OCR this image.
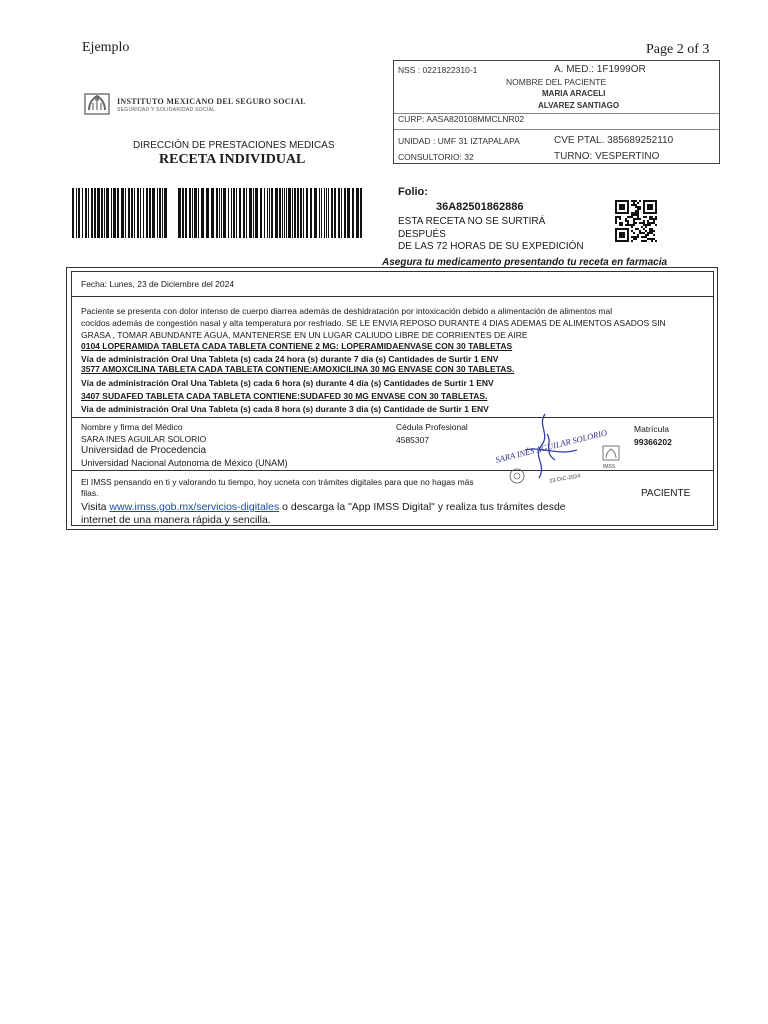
Ejemplo	Page 2 of 3
NSS : 0221822310-1	A. MED.: 1F1999OR
NOMBRE DEL PACIENTE
MARIA ARACELI
ALVAREZ SANTIAGO
CURP: AASA820108MMCLNR02
UNIDAD : UMF 31 IZTAPALAPA	CVE PTAL. 385689252110
CONSULTORIO: 32	TURNO: VESPERTINO
INSTITUTO MEXICANO DEL SEGURO SOCIAL
SEGURIDAD Y SOLIDARIDAD SOCIAL
DIRECCIÓN DE PRESTACIONES MEDICAS
RECETA INDIVIDUAL
Folio:
36A82501862886
ESTA RECETA NO SE SURTIRÁ
DESPUÉS
DE LAS 72 HORAS DE SU EXPEDICIÓN
Asegura tu medicamento presentando tu receta en farmacia
Fecha: Lunes, 23 de Diciembre del 2024
Paciente se presenta con dolor intenso de cuerpo diarrea además de deshidratación por intoxicación debido a alimentación de alimentos mal
cocidos además de congestión nasal y alta temperatura por resfriado. SE LE ENVIA REPOSO DURANTE 4 DIAS ADEMAS DE ALIMENTOS ASADOS SIN
GRASA , TOMAR ABUNDANTE AGUA, MANTENERSE EN UN LUGAR CALIUDO LIBRE DE CORRIENTES DE AIRE
0104 LOPERAMIDA TABLETA CADA TABLETA CONTIENE 2 MG: LOPERAMIDAENVASE CON 30 TABLETAS
Vía de administración Oral Una Tableta (s) cada 24 hora (s) durante 7 día (s) Cantidades de Surtir 1 ENV
3577 AMOXCILINA TABLETA CADA TABLETA CONTIENE:AMOXICILINA 30 MG ENVASE CON 30 TABLETAS.
Vía de administración Oral Una Tableta (s) cada 6 hora (s) durante 4 día (s) Cantidades de Surtir 1 ENV
3407 SUDAFED TABLETA CADA TABLETA CONTIENE:SUDAFED 30 MG ENVASE CON 30 TABLETAS.
Via de administración Oral Una Tableta (s) cada 8 hora (s) durante 3 dia (s) Cantidade de Surtir 1 ENV
Nombre y firma del Médico
SARA INES AGUILAR SOLORIO
Universidad de Procedencia
Universidad Nacional Autonoma de México (UNAM)
Cédula Profesional
4585307
Matrícula
99366202
SARA INÉS AGUILAR SOLORIO
IMSS
23-DIC-2024
El IMSS pensando en ti y valorando tu tiempo, hoy ucneta con trámites digitales para que no hagas más
filas.
Visita www.imss.gob.mx/servicios-digitales o descarga la "App IMSS Digital" y realiza tus trámites desde
internet de una manera rápida y sencilla.
PACIENTE
